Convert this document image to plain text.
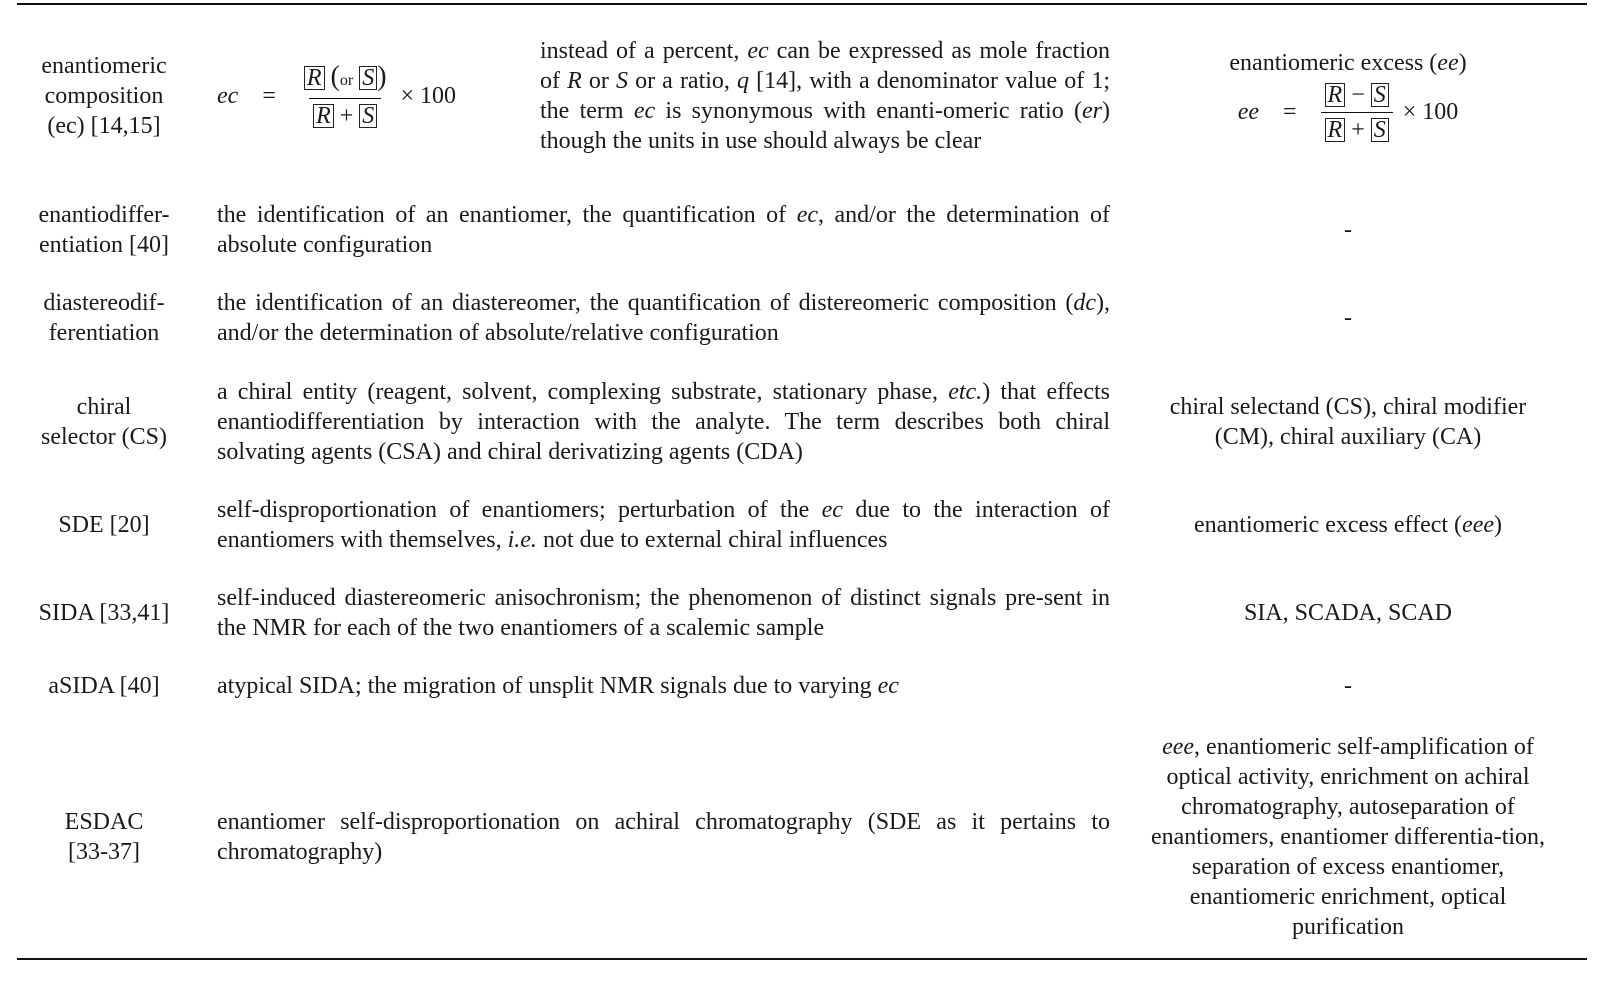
enantiomeric
composition
(ec) [14,15]
ec = $\frac{\text{R (or S )}}{R + S} \times 100$
instead of a percent, ec can be expressed as mole fraction of R or S or a ratio, q [14], with a denominator value of 1; the term ec is synonymous with enanti-omeric ratio (er) though the units in use should always be clear
enantiomeric excess (ee)
ee = $\frac{R - S}{R + S} \times 100$
enantiodiffer-
entiation [40]
the identification of an enantiomer, the quantification of ec, and/or the determination of absolute configuration
-
diastereodif-
ferentiation
the identification of an diastereomer, the quantification of distereomeric composition (dc), and/or the determination of absolute/relative configuration
-
chiral
selector (CS)
a chiral entity (reagent, solvent, complexing substrate, stationary phase, etc.) that effects enantiodifferentiation by interaction with the analyte. The term describes both chiral solvating agents (CSA) and chiral derivatizing agents (CDA)
chiral selectand (CS), chiral modifier (CM), chiral auxiliary (CA)
SDE [20]
self-disproportionation of enantiomers; perturbation of the ec due to the interaction of enantiomers with themselves, i.e. not due to external chiral influences
enantiomeric excess effect (eee)
SIDA [33,41]
self-induced diastereomeric anisochronism; the phenomenon of distinct signals pre-sent in the NMR for each of the two enantiomers of a scalemic sample
SIA, SCADA, SCAD
aSIDA [40]	atypical SIDA; the migration of unsplit NMR signals due to varying ec	-
ESDAC
[33-37]
enantiomer self-disproportionation on achiral chromatography (SDE as it pertains to chromatography)
eee, enantiomeric self-amplification of optical activity, enrichment on achiral chromatography, autoseparation of enantiomers, enantiomer differentia-tion, separation of excess enantiomer, enantiomeric enrichment, optical purification
